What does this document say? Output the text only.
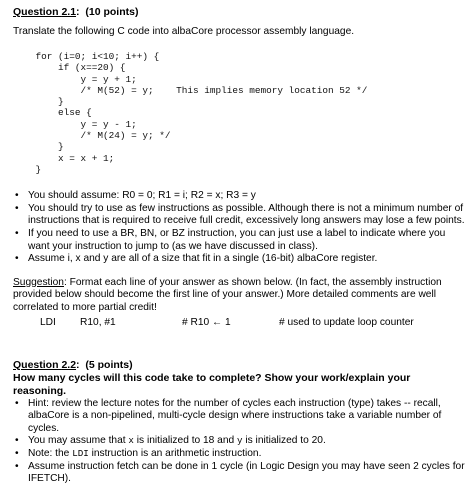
Question 2.1:  (10 points)

Translate the following C code into albaCore processor assembly language.

for (i=0; i<10; i++) {
if (x==20) {
y = y + 1;
/* M(52) = y;    This implies memory location 52 */
}
else {
y = y - 1;
/* M(24) = y; */
}
x = x + 1;
}
• You should assume: R0 = 0; R1 = i; R2 = x; R3 = y
• You should try to use as few instructions as possible. Although there is not a minimum number of instructions that is required to receive full credit, excessively long answers may lose a few points.
• If you need to use a BR, BN, or BZ instruction, you can just use a label to indicate where you want your instruction to jump to (as we have discussed in class).
• Assume i, x and y are all of a size that fit in a single (16-bit) albaCore register.

Suggestion: Format each line of your answer as shown below. (In fact, the assembly instruction provided below should become the first line of your answer.) More detailed comments are well correlated to more partial credit!

LDI R10, #1	# R10 ← 1	# used to update loop counter
Question 2.2:  (5 points)
How many cycles will this code take to complete? Show your work/explain your reasoning.
• Hint: review the lecture notes for the number of cycles each instruction (type) takes -- recall, albaCore is a non-pipelined, multi-cycle design where instructions take a variable number of cycles.
• You may assume that x is initialized to 18 and y is initialized to 20.
• Note: the LDI instruction is an arithmetic instruction.
• Assume instruction fetch can be done in 1 cycle (in Logic Design you may have seen 2 cycles for IFETCH).
